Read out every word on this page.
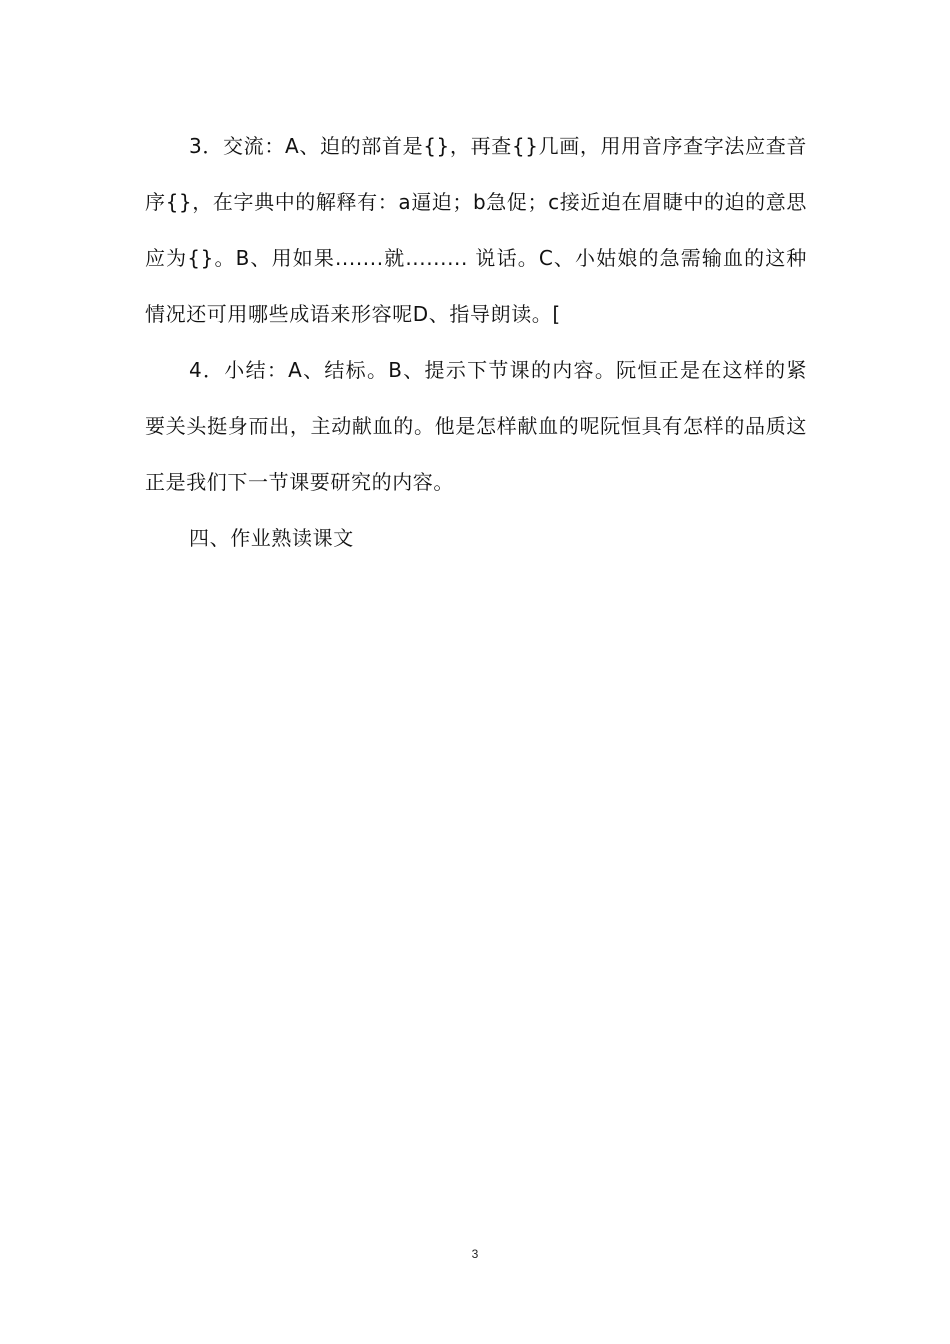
3．交流：A、迫的部首是{}，再查{}几画，用用音序查字法应查音序{}，在字典中的解释有：a逼迫；b急促；c接近迫在眉睫中的迫的意思应为{}。B、用如果.......就......... 说话。C、小姑娘的急需输血的这种情况还可用哪些成语来形容呢D、指导朗读。[

4．小结：A、结标。B、提示下节课的内容。阮恒正是在这样的紧要关头挺身而出，主动献血的。他是怎样献血的呢阮恒具有怎样的品质这正是我们下一节课要研究的内容。

四、作业熟读课文

3
